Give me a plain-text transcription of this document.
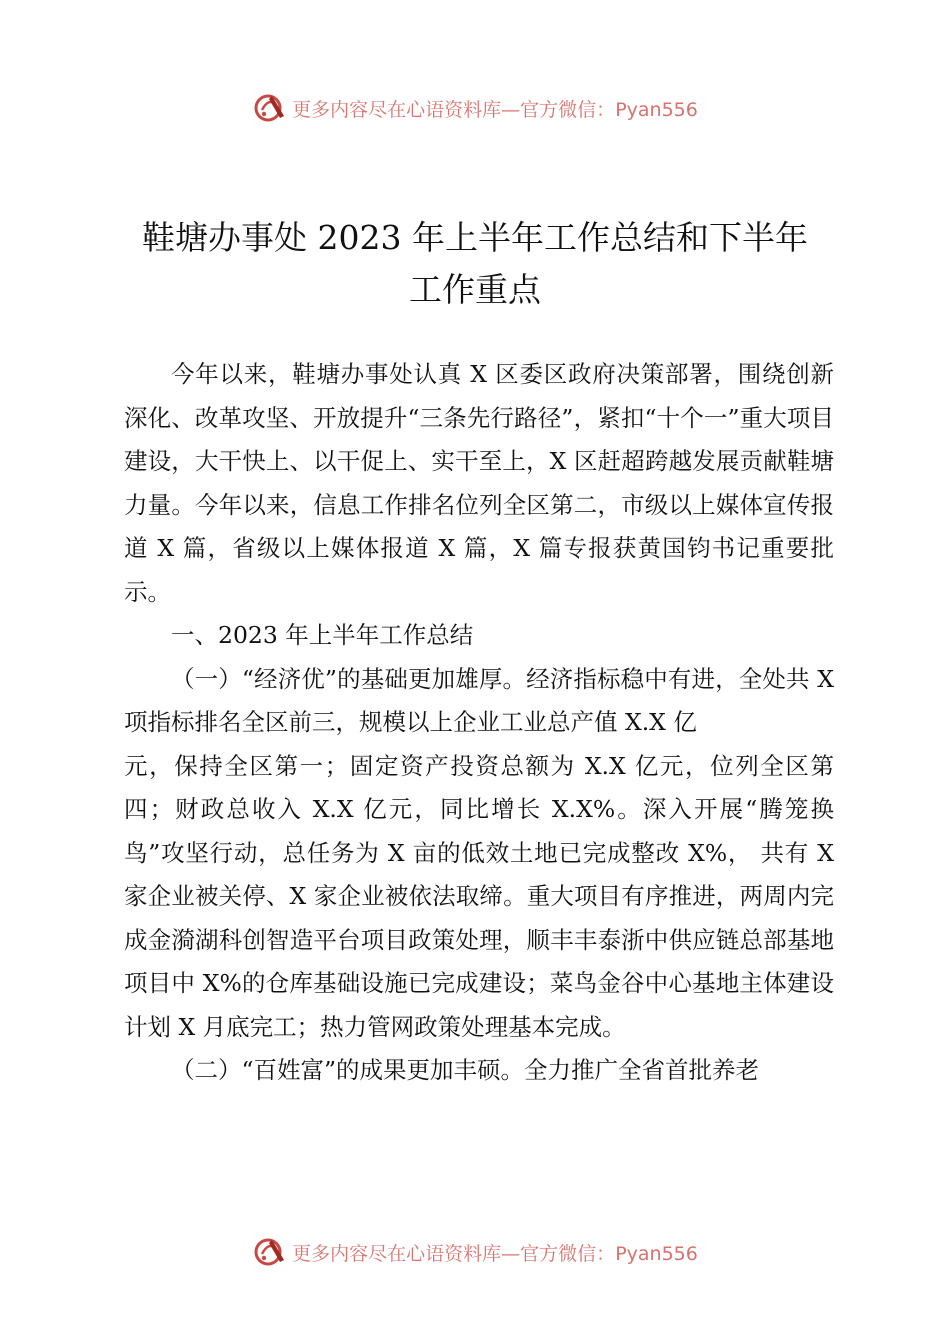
更多内容尽在心语资料库—官方微信：Pyan556
鞋塘办事处 2023 年上半年工作总结和下半年
工作重点

今年以来，鞋塘办事处认真 X 区委区政府决策部署，围绕创新深化、改革攻坚、开放提升“三条先行路径”，紧扣“十个一”重大项目建设，大干快上、以干促上、实干至上，X 区赶超跨越发展贡献鞋塘力量。今年以来，信息工作排名位列全区第二，市级以上媒体宣传报道 X 篇，省级以上媒体报道 X 篇，X 篇专报获黄国钧书记重要批示。

一、2023 年上半年工作总结

（一）“经济优”的基础更加雄厚。经济指标稳中有进，全处共 X 项指标排名全区前三，规模以上企业工业总产值 X.X 亿

元，保持全区第一；固定资产投资总额为 X.X 亿元，位列全区第四；财政总收入 X.X 亿元，同比增长 X.X%。深入开展“腾笼换鸟”攻坚行动，总任务为 X 亩的低效土地已完成整改 X%， 共有 X 家企业被关停、X 家企业被依法取缔。重大项目有序推进，两周内完成金漪湖科创智造平台项目政策处理，顺丰丰泰浙中供应链总部基地项目中 X%的仓库基础设施已完成建设；菜鸟金谷中心基地主体建设计划 X 月底完工；热力管网政策处理基本完成。

（二）“百姓富”的成果更加丰硕。全力推广全省首批养老

更多内容尽在心语资料库—官方微信：Pyan556
